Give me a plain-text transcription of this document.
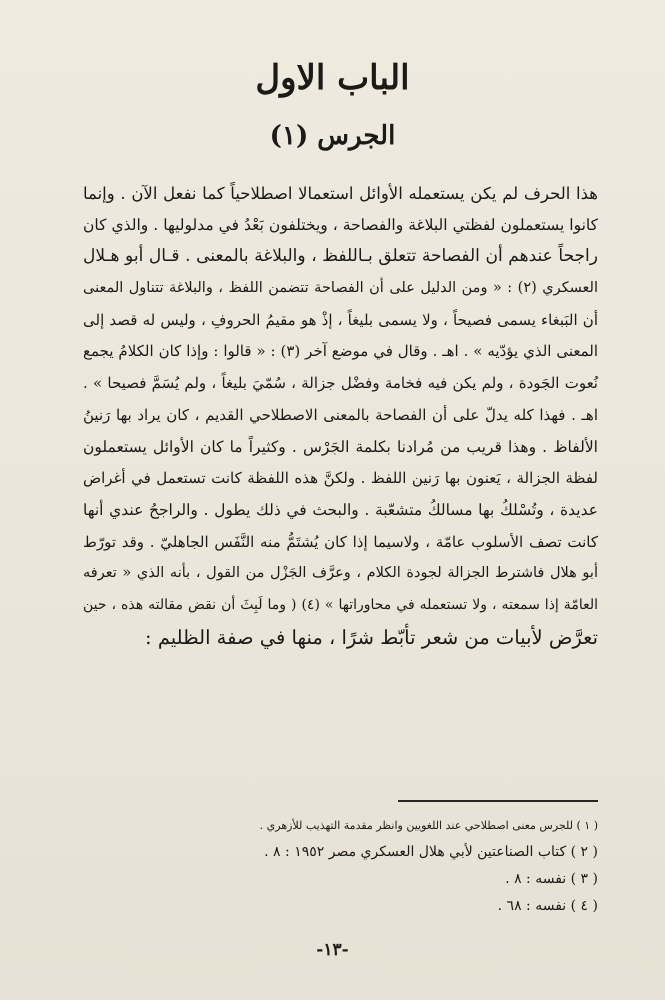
الباب الاول
الجرس (١)
هذا الحرف لم يكن يستعمله الأوائل استعمالا اصطلاحياً كما نفعل الآن . وإنما
كانوا يستعملون لفظتي البلاغة والفصاحة ، ويختلفون بَعْدُ في مدلوليها . والذي كان
راجحاً عندهم أن الفصاحة تتعلق بـاللفظ ، والبلاغة بالمعنى . قـال أبو هـلال
العسكري (٢) : « ومن الدليل على أن الفصاحة تتضمن اللفظ ، والبلاغة تتناول المعنى
أن البَبغاء يسمى فصيحاً ، ولا يسمى بليغاً ، إذْ هو مقيمُ الحروفِ ، وليس له قصد إلى
المعنى الذي يؤدّيه » . اهـ . وقال في موضع آخر (٣) : « قالوا : وإذا كان الكلامُ يجمع
نُعوت الجَودة ، ولم يكن فيه فخامة وفضْل جزالة ، سُمّيَ بليغاً ، ولم يُسَمَّ فصيحا » .
اهـ . فهذا كله يدلّ على أن الفصاحة بالمعنى الاصطلاحي القديم ، كان يراد بها رَنينُ
الألفاظ . وهذا قريب من مُرادنا بكلمة الجَرْس . وكثيراً ما كان الأوائل يستعملون
لفظة الجزالة ، يَعنون بها رَنين اللفظ . ولكنَّ هذه اللفظة كانت تستعمل في أغراض
عديدة ، وتُسْلكُ بها مسالكُ متشعّبة . والبحث في ذلك يطول . والراجحُ عندي أنها
كانت تصف الأسلوب عامّة ، ولاسيما إذا كان يُشتَمُّ منه النَّفَس الجاهليّ . وقد تورّط
أبو هلال فاشترط الجزالة لجودة الكلام ، وعرَّف الجَزْل من القول ، بأنه الذي « تعرفه
العامّة إذا سمعته ، ولا تستعمله في محاوراتها » (٤) ( وما لَبِثَ أن نقض مقالته هذه ، حين
تعرَّض لأبيات من شعر تأبّط شرًا ، منها في صفة الظليم :
( ١ ) للجرس معنى اصطلاحي عند اللغويين وانظر مقدمة التهذيب للأزهري .
( ٢ ) كتاب الصناعتين لأبي هلال العسكري مصر ١٩٥٢ : ٨ .
( ٣ ) نفسه : ٨ .
( ٤ ) نفسه : ٦٨ .
-١٣-
